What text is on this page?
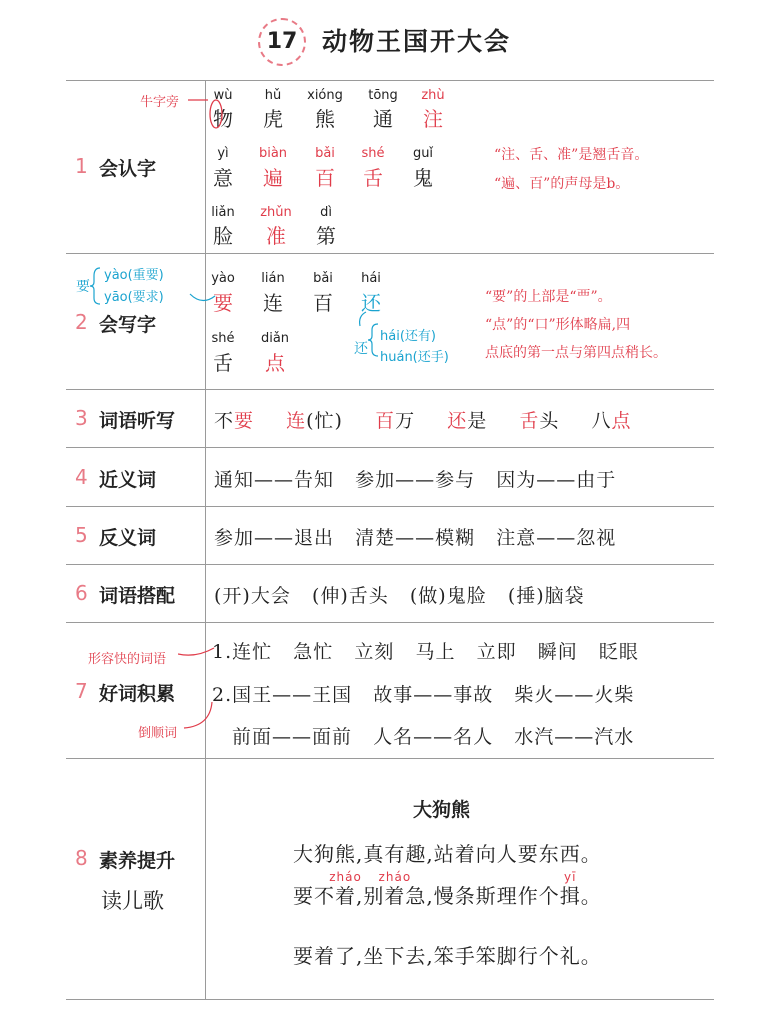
17 动物王国开大会
1 会认字
2 会写字
3 词语听写
4 近义词
5 反义词
6 词语搭配
7 好词积累
8 素养提升
读儿歌
wù
物
hǔ
虎
xióng
熊
tōng
通
zhù
注
yì
意
biàn
遍
bǎi
百
shé
舌
guǐ
鬼
liǎn
脸
zhǔn
准
dì
第
牛字旁
“注、舌、准”是翘舌音。
“遍、百”的声母是b。
yào
要
lián
连
bǎi
百
hái
还
shé
舌
diǎn
点
要
yào(重要)
yāo(要求)
还
hái(还有)
huán(还手)
“要”的上部是“覀”。
“点”的“口”形体略扁,四
点底的第一点与第四点稍长。
不要 连(忙) 百万 还是 舌头 八点
通知——告知   参加——参与   因为——由于
参加——退出   清楚——模糊   注意——忽视
(开)大会   (伸)舌头   (做)鬼脸   (捶)脑袋
形容快的词语
倒顺词
1.连忙   急忙   立刻   马上   立即   瞬间   眨眼
2.国王——王国   故事——事故   柴火——火柴
前面——面前   人名——名人   水汽——汽水
大狗熊
大狗熊,真有趣,站着向人要东西。
要不
zháo
着,别
zháo
着急,慢条斯理作个
yī
揖。
要着了,坐下去,笨手笨脚行个礼。
